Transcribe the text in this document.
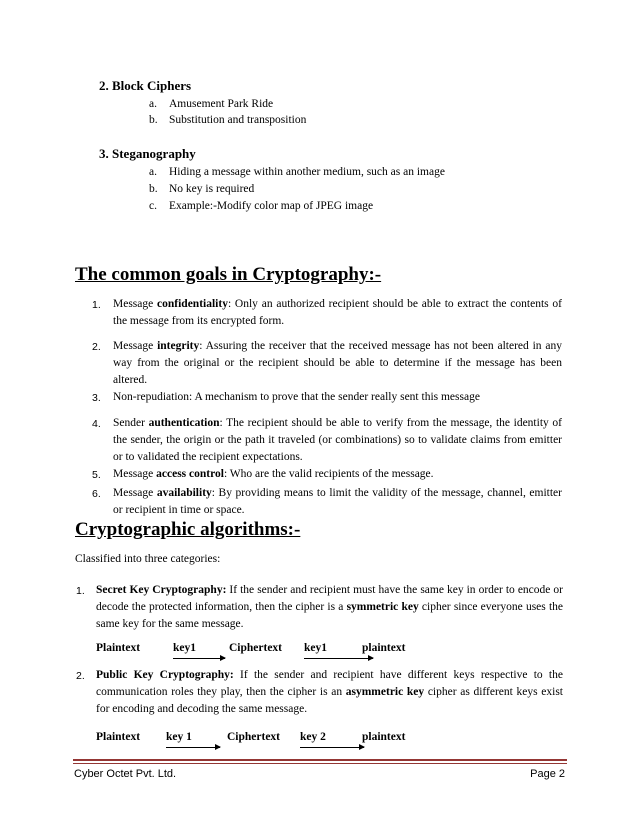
2. Block Ciphers
a. Amusement Park Ride
b. Substitution and transposition
3. Steganography
a. Hiding a message within another medium, such as an image
b. No key is required
c. Example:-Modify color map of JPEG image
The common goals in Cryptography:-
1. Message confidentiality: Only an authorized recipient should be able to extract the contents of the message from its encrypted form.
2. Message integrity: Assuring the receiver that the received message has not been altered in any way from the original or the recipient should be able to determine if the message has been altered.
3. Non-repudiation: A mechanism to prove that the sender really sent this message
4. Sender authentication: The recipient should be able to verify from the message, the identity of the sender, the origin or the path it traveled (or combinations) so to validate claims from emitter or to validated the recipient expectations.
5. Message access control: Who are the valid recipients of the message.
6. Message availability: By providing means to limit the validity of the message, channel, emitter or recipient in time or space.
Cryptographic algorithms:-
Classified into three categories:
1. Secret Key Cryptography: If the sender and recipient must have the same key in order to encode or decode the protected information, then the cipher is a symmetric key cipher since everyone uses the same key for the same message.
Plaintext	key1	Ciphertext key1	plaintext
2. Public Key Cryptography: If the sender and recipient have different keys respective to the communication roles they play, then the cipher is an asymmetric key cipher as different keys exist for encoding and decoding the same message.
Plaintext key 1	Ciphertext key 2	plaintext
Cyber Octet Pvt. Ltd.	Page 2
